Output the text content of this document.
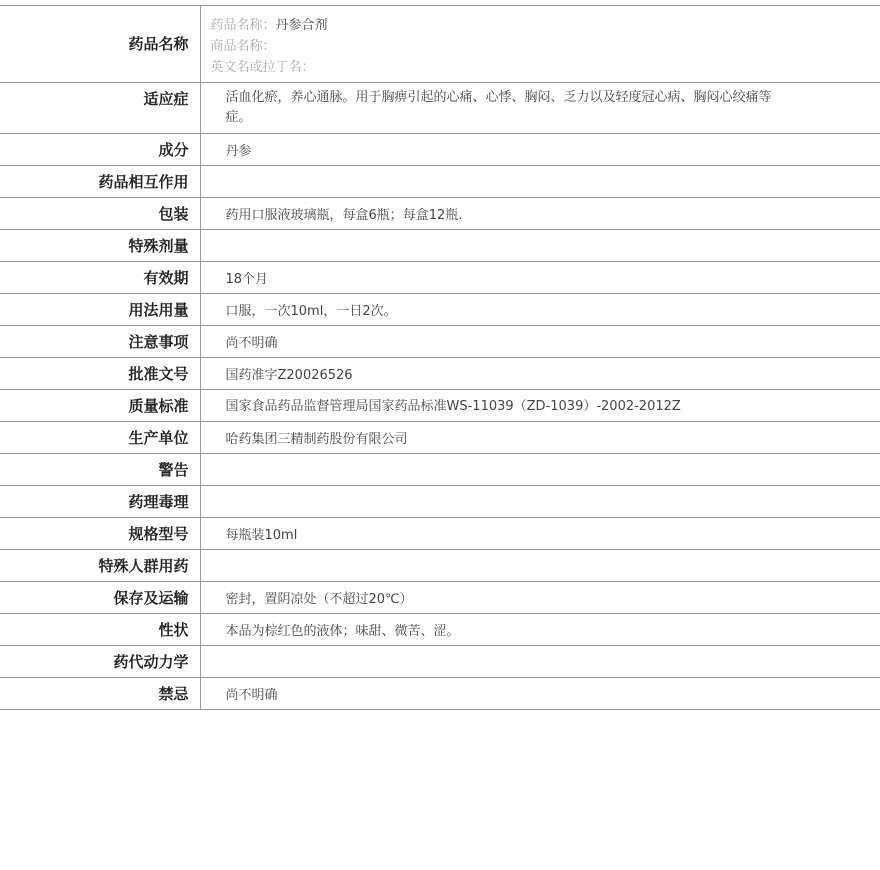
药品名称	药品名称：丹参合剂
商品名称：
英文名或拉丁名：

适应症	活血化瘀，养心通脉。用于胸痹引起的心痛、心悸、胸闷、乏力以及轻度冠心病、胸闷心绞痛等症。
成分	丹参
药品相互作用	
包装	药用口服液玻璃瓶，每盒6瓶；每盒12瓶.
特殊剂量	
有效期	18个月
用法用量	口服，一次10ml，一日2次。
注意事项	尚不明确
批准文号	国药准字Z20026526
质量标准	国家食品药品监督管理局国家药品标准WS-11039（ZD-1039）-2002-2012Z
生产单位	哈药集团三精制药股份有限公司
警告	
药理毒理	
规格型号	每瓶装10ml
特殊人群用药	
保存及运输	密封，置阴凉处（不超过20℃）
性状	本品为棕红色的液体；味甜、微苦、涩。
药代动力学	
禁忌	尚不明确
